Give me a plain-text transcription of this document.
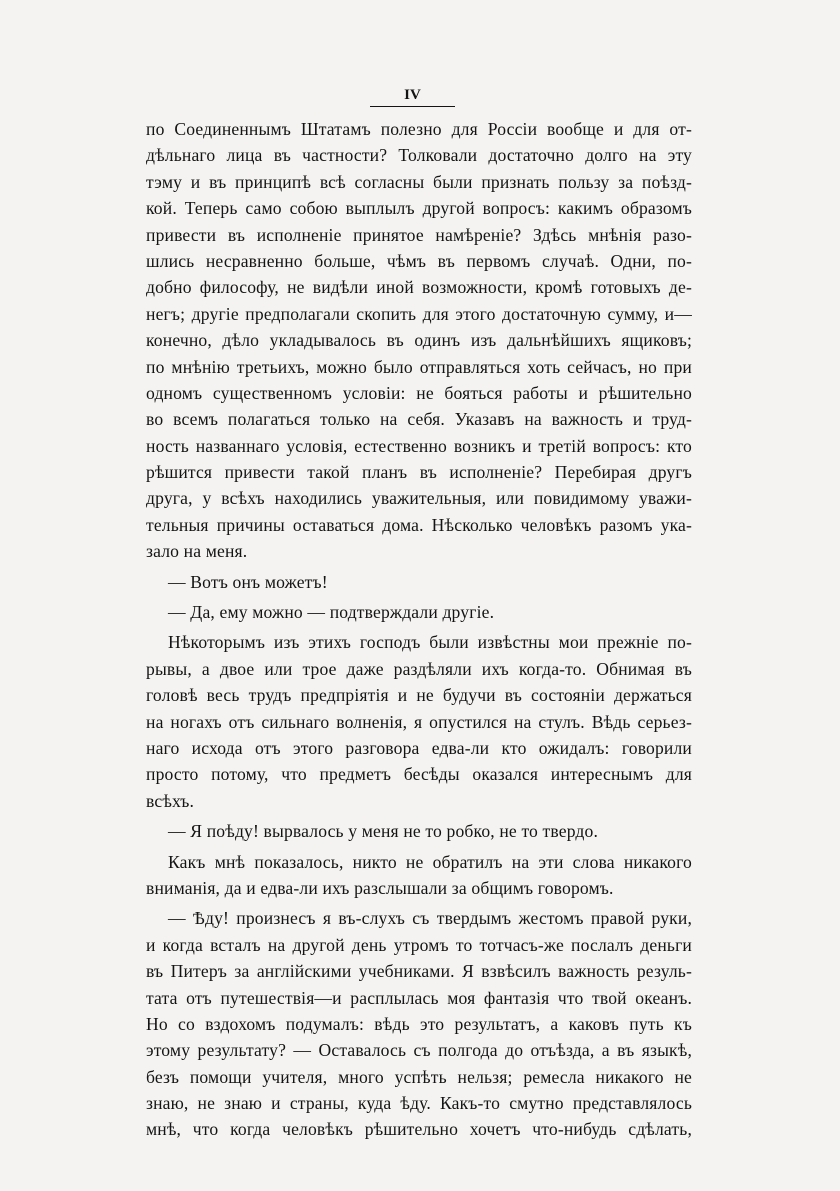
IV
по Соединеннымъ Штатамъ полезно для Россiи вообще и для от-
дѣльнаго лица въ частности? Толковали достаточно долго на эту
тэму и въ принципѣ всѣ согласны были признать пользу за поѣзд-
кой. Теперь само собою выплылъ другой вопросъ: какимъ образомъ
привести въ исполненiе принятое намѣренiе? Здѣсь мнѣнiя разо-
шлись несравненно больше, чѣмъ въ первомъ случаѣ. Одни, по-
добно философу, не видѣли иной возможности, кромѣ готовыхъ де-
негъ; другiе предполагали скопить для этого достаточную сумму, и—
конечно, дѣло укладывалось въ одинъ изъ дальнѣйшихъ ящиковъ;
по мнѣнiю третьихъ, можно было отправляться хоть сейчасъ, но при
одномъ существенномъ условiи: не бояться работы и рѣшительно
во всемъ полагаться только на себя. Указавъ на важность и труд-
ность названнаго условiя, естественно возникъ и третiй вопросъ: кто
рѣшится привести такой планъ въ исполненiе? Перебирая другъ
друга, у всѣхъ находились уважительныя, или повидимому уважи-
тельныя причины оставаться дома. Нѣсколько человѣкъ разомъ ука-
зало на меня.
— Вотъ онъ можетъ!
— Да, ему можно — подтверждали другiе.
Нѣкоторымъ изъ этихъ господъ были извѣстны мои прежнiе по-
рывы, а двое или трое даже раздѣляли ихъ когда-то. Обнимая въ
головѣ весь трудъ предпрiятiя и не будучи въ состоянiи держаться
на ногахъ отъ сильнаго волненiя, я опустился на стулъ. Вѣдь серьез-
наго исхода отъ этого разговора едва-ли кто ожидалъ: говорили
просто потому, что предметъ бесѣды оказался интереснымъ для
всѣхъ.
— Я поѣду! вырвалось у меня не то робко, не то твердо.
Какъ мнѣ показалось, никто не обратилъ на эти слова никакого
вниманiя, да и едва-ли ихъ разслышали за общимъ говоромъ.
— Ѣду! произнесъ я въ-слухъ съ твердымъ жестомъ правой руки,
и когда всталъ на другой день утромъ то тотчасъ-же послалъ деньги
въ Питеръ за англiйскими учебниками. Я взвѣсилъ важность резуль-
тата отъ путешествiя—и расплылась моя фантазiя что твой океанъ.
Но со вздохомъ подумалъ: вѣдь это результатъ, а каковъ путь къ
этому результату? — Оставалось съ полгода до отъѣзда, а въ языкѣ,
безъ помощи учителя, много успѣть нельзя; ремесла никакого не
знаю, не знаю и страны, куда ѣду. Какъ-то смутно представлялось
мнѣ, что когда человѣкъ рѣшительно хочетъ что-нибудь сдѣлать,
